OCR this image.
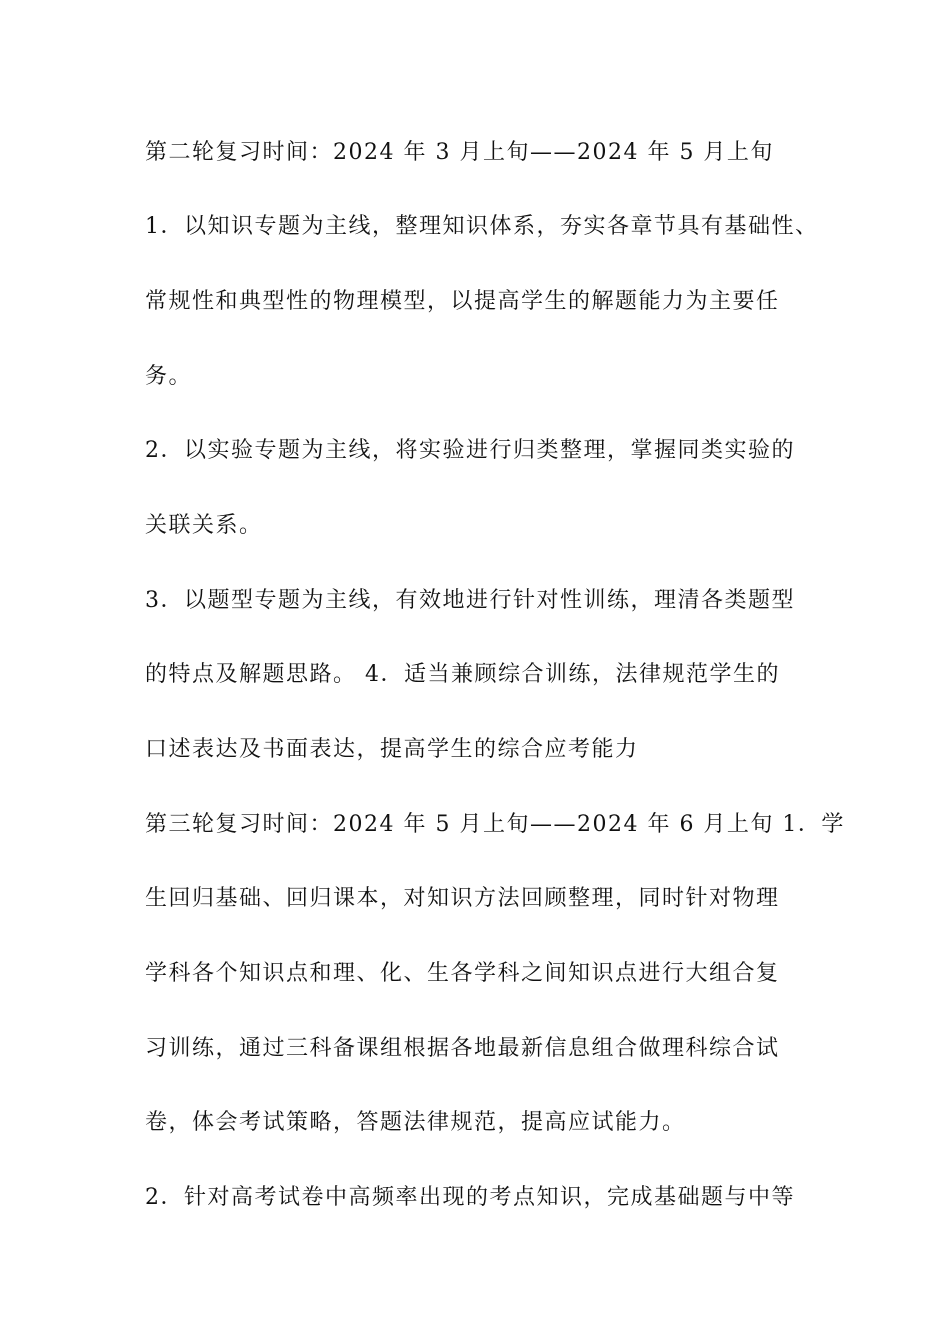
第二轮复习时间：2024 年 3 月上旬——2024 年 5 月上旬
1．以知识专题为主线，整理知识体系，夯实各章节具有基础性、
常规性和典型性的物理模型，以提高学生的解题能力为主要任
务。
2．以实验专题为主线，将实验进行归类整理，掌握同类实验的
关联关系。
3．以题型专题为主线，有效地进行针对性训练，理清各类题型
的特点及解题思路。 4．适当兼顾综合训练，法律规范学生的
口述表达及书面表达，提高学生的综合应考能力
第三轮复习时间：2024 年 5 月上旬——2024 年 6 月上旬 1．学
生回归基础、回归课本，对知识方法回顾整理，同时针对物理
学科各个知识点和理、化、生各学科之间知识点进行大组合复
习训练，通过三科备课组根据各地最新信息组合做理科综合试
卷，体会考试策略，答题法律规范，提高应试能力。
2．针对高考试卷中高频率出现的考点知识，完成基础题与中等
